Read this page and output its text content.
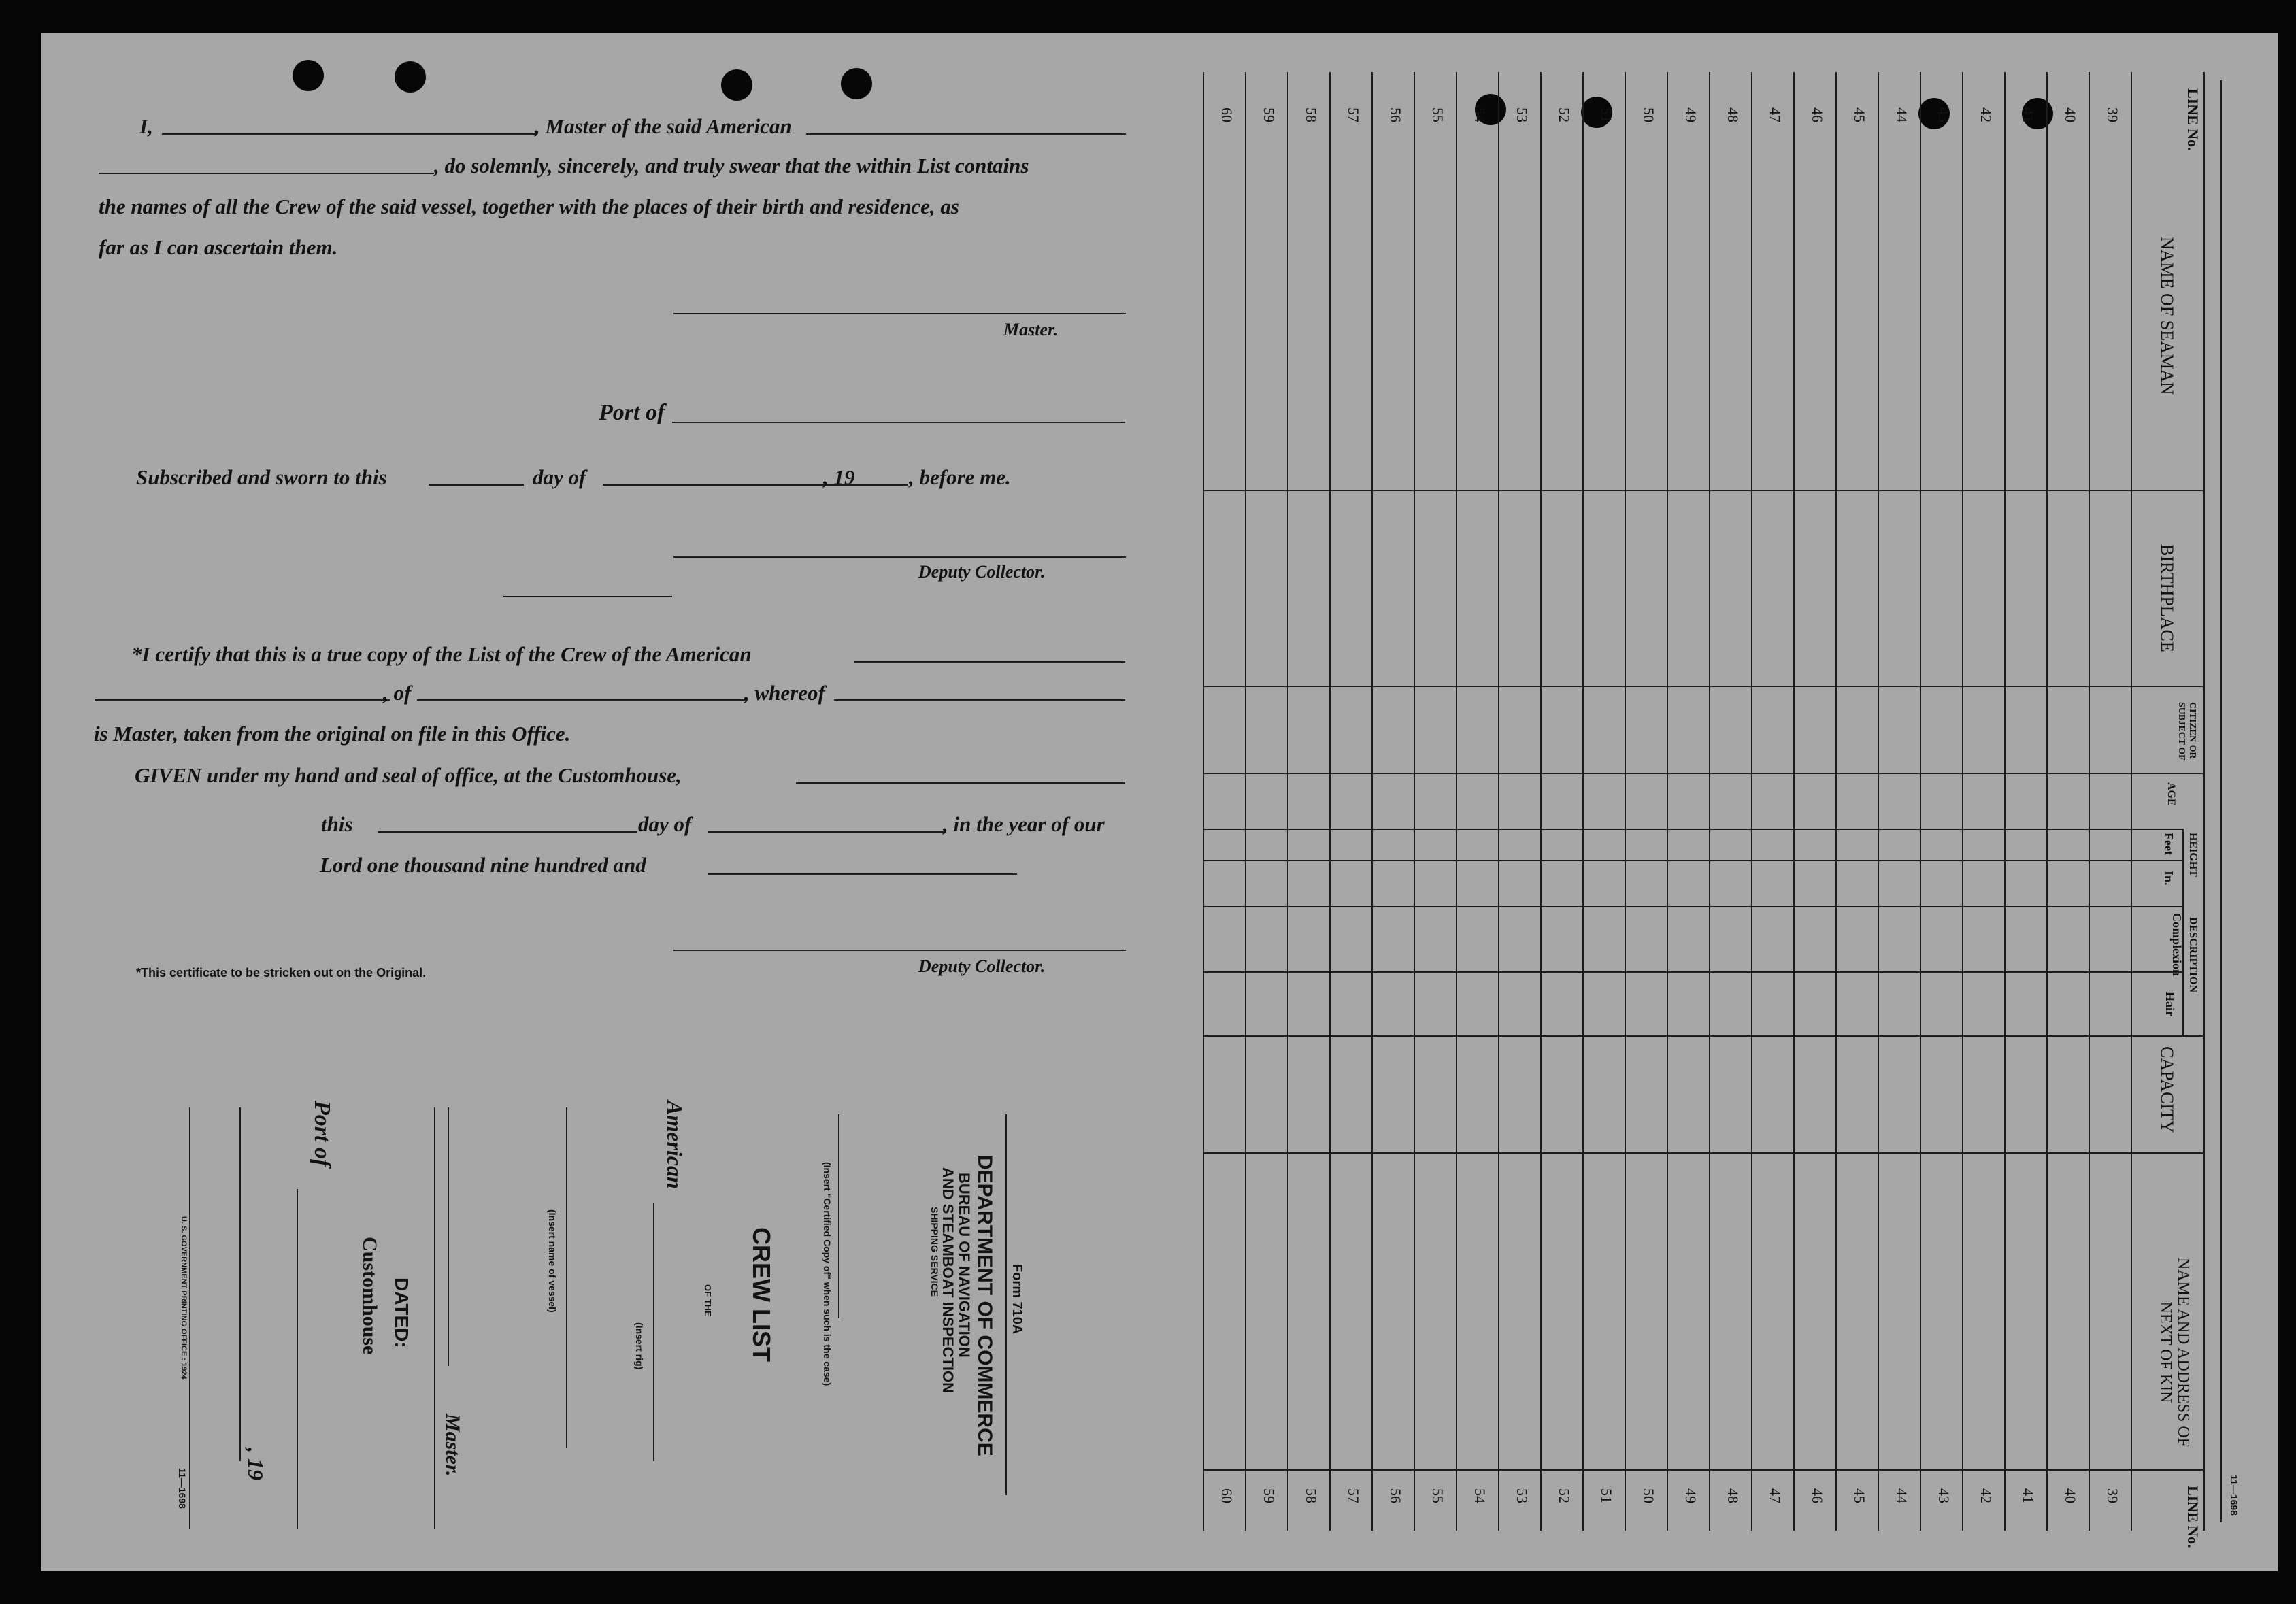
I,	, Master of the said American
, do solemnly, sincerely, and truly swear that the within List contains
the names of all the Crew of the said vessel, together with the places of their birth and residence, as
far as I can ascertain them.
Master.
Port of
Subscribed and sworn to this	day of	, 19	, before me.
Deputy Collector.
*I certify that this is a true copy of the List of the Crew of the American
, of	, whereof
is Master, taken from the original on file in this Office.
GIVEN under my hand and seal of office, at the Customhouse,
this	day of	, in the year of our
Lord one thousand nine hundred and
Deputy Collector.
*This certificate to be stricken out on the Original.
Form 710A
DEPARTMENT OF COMMERCE
BUREAU OF NAVIGATION
AND STEAMBOAT INSPECTION
SHIPPING SERVICE
(Insert "Certified Copy of" when such is the case)
CREW LIST
OF THE
American
(Insert rig)
(Insert name of vessel)
Master.
DATED:
Customhouse
Port of
, 19
U. S. GOVERNMENT PRINTING OFFICE : 1924
11—1698
60 59 58 57 56 55 54 53 52 51 50 49 48 47 46 45 44 43 42 41 40 39
60 59 58 57 56 55 54 53 52 51 50 49 48 47 46 45 44 43 42 41 40 39
LINE No.
LINE No.
NAME OF SEAMAN
BIRTHPLACE
CITIZEN OR SUBJECT OF
AGE
HEIGHT
Feet
In.
DESCRIPTION
Complexion
Hair
CAPACITY
NAME AND ADDRESS OF NEXT OF KIN
11—1698
